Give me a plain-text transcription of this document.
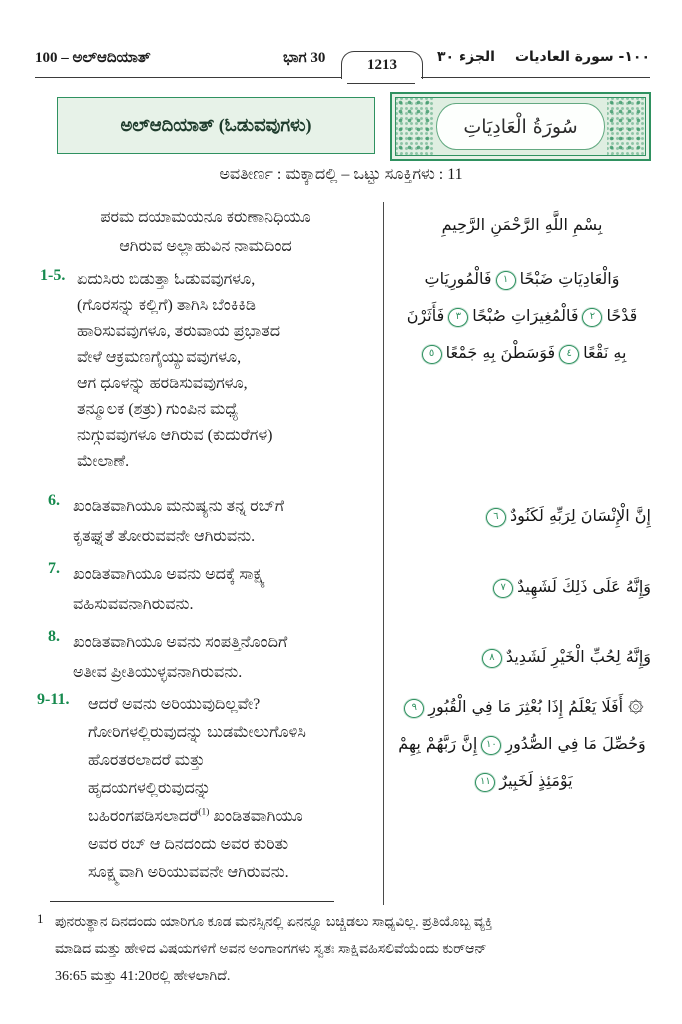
100 – ಅಲ್‌ಆದಿಯಾತ್	ಭಾಗ 30	1213	الجزء ٣٠ ١٠٠- سورة العاديات
ಅಲ್‌ಆದಿಯಾತ್ (ಓಡುವವುಗಳು)	سُورَةُ الْعَادِيَاتِ
ಅವತೀರ್ಣ : ಮಕ್ಕಾದಲ್ಲಿ – ಒಟ್ಟು ಸೂಕ್ತಿಗಳು : 11
ಪರಮ ದಯಾಮಯನೂ ಕರುಣಾನಿಧಿಯೂ
ಆಗಿರುವ ಅಲ್ಲಾಹುವಿನ ನಾಮದಿಂದ
1-5. ಏದುಸಿರು ಬಿಡುತ್ತಾ ಓಡುವವುಗಳೂ,
(ಗೊರಸನ್ನು ಕಲ್ಲಿಗೆ) ತಾಗಿಸಿ ಬೆಂಕಿಕಿಡಿ
ಹಾರಿಸುವವುಗಳೂ, ತರುವಾಯ ಪ್ರಭಾತದ
ವೇಳೆ ಆಕ್ರಮಣಗೈಯ್ಯುವವುಗಳೂ,
ಆಗ ಧೂಳನ್ನು ಹರಡಿಸುವವುಗಳೂ,
ತನ್ಮೂಲಕ (ಶತ್ರು) ಗುಂಪಿನ ಮಧ್ಯೆ
ನುಗ್ಗುವವುಗಳೂ ಆಗಿರುವ (ಕುದುರೆಗಳ)
ಮೇಲಾಣೆ.
6. ಖಂಡಿತವಾಗಿಯೂ ಮನುಷ್ಯನು ತನ್ನ ರಬ್‌ಗೆ
ಕೃತಘ್ನತೆ ತೋರುವವನೇ ಆಗಿರುವನು.
7. ಖಂಡಿತವಾಗಿಯೂ ಅವನು ಅದಕ್ಕೆ ಸಾಕ್ಷ್ಯ
ವಹಿಸುವವನಾಗಿರುವನು.
8. ಖಂಡಿತವಾಗಿಯೂ ಅವನು ಸಂಪತ್ತಿನೊಂದಿಗೆ
ಅತೀವ ಪ್ರೀತಿಯುಳ್ಳವನಾಗಿರುವನು.
9-11.	ಆದರೆ ಅವನು ಅರಿಯುವುದಿಲ್ಲವೇ?
ಗೋರಿಗಳಲ್ಲಿರುವುದನ್ನು ಬುಡಮೇಲುಗೊಳಿಸಿ
ಹೊರತರಲಾದರೆ ಮತ್ತು
ಹೃದಯಗಳಲ್ಲಿರುವುದನ್ನು
ಬಹಿರಂಗಪಡಿಸಲಾದರೆ$^{(1)}$ ಖಂಡಿತವಾಗಿಯೂ
ಅವರ ರಬ್ ಆ ದಿನದಂದು ಅವರ ಕುರಿತು
ಸೂಕ್ಷ್ಮವಾಗಿ ಅರಿಯುವವನೇ ಆಗಿರುವನು.
بِسْمِ اللَّهِ الرَّحْمَنِ الرَّحِيمِ
وَالْعَادِيَاتِ ضَبْحًا١فَالْمُورِيَاتِ
قَدْحًا٢فَالْمُغِيرَاتِ صُبْحًا٣فَأَثَرْنَ
بِهِ نَقْعًا٤فَوَسَطْنَ بِهِ جَمْعًا٥
إِنَّ الْإِنْسَانَ لِرَبِّهِ لَكَنُودٌ٦
وَإِنَّهُ عَلَى ذَلِكَ لَشَهِيدٌ٧
وَإِنَّهُ لِحُبِّ الْخَيْرِ لَشَدِيدٌ٨
۞ أَفَلَا يَعْلَمُ إِذَا بُعْثِرَ مَا فِي الْقُبُورِ٩
وَحُصِّلَ مَا فِي الصُّدُورِ١٠إِنَّ رَبَّهُمْ بِهِمْ
يَوْمَئِذٍ لَخَبِيرٌ١١
1 ಪುನರುತ್ಥಾನ ದಿನದಂದು ಯಾರಿಗೂ ಕೂಡ ಮನಸ್ಸಿನಲ್ಲಿ ಏನನ್ನೂ ಬಚ್ಚಿಡಲು ಸಾಧ್ಯವಿಲ್ಲ. ಪ್ರತಿಯೊಬ್ಬ ವ್ಯಕ್ತಿ
ಮಾಡಿದ ಮತ್ತು ಹೇಳಿದ ವಿಷಯಗಳಿಗೆ ಅವನ ಅಂಗಾಂಗಗಳು ಸ್ವತಃ ಸಾಕ್ಷಿವಹಿಸಲಿವೆಯೆಂದು ಕುರ್‌ಆನ್
36:65 ಮತ್ತು 41:20ರಲ್ಲಿ ಹೇಳಲಾಗಿದೆ.
